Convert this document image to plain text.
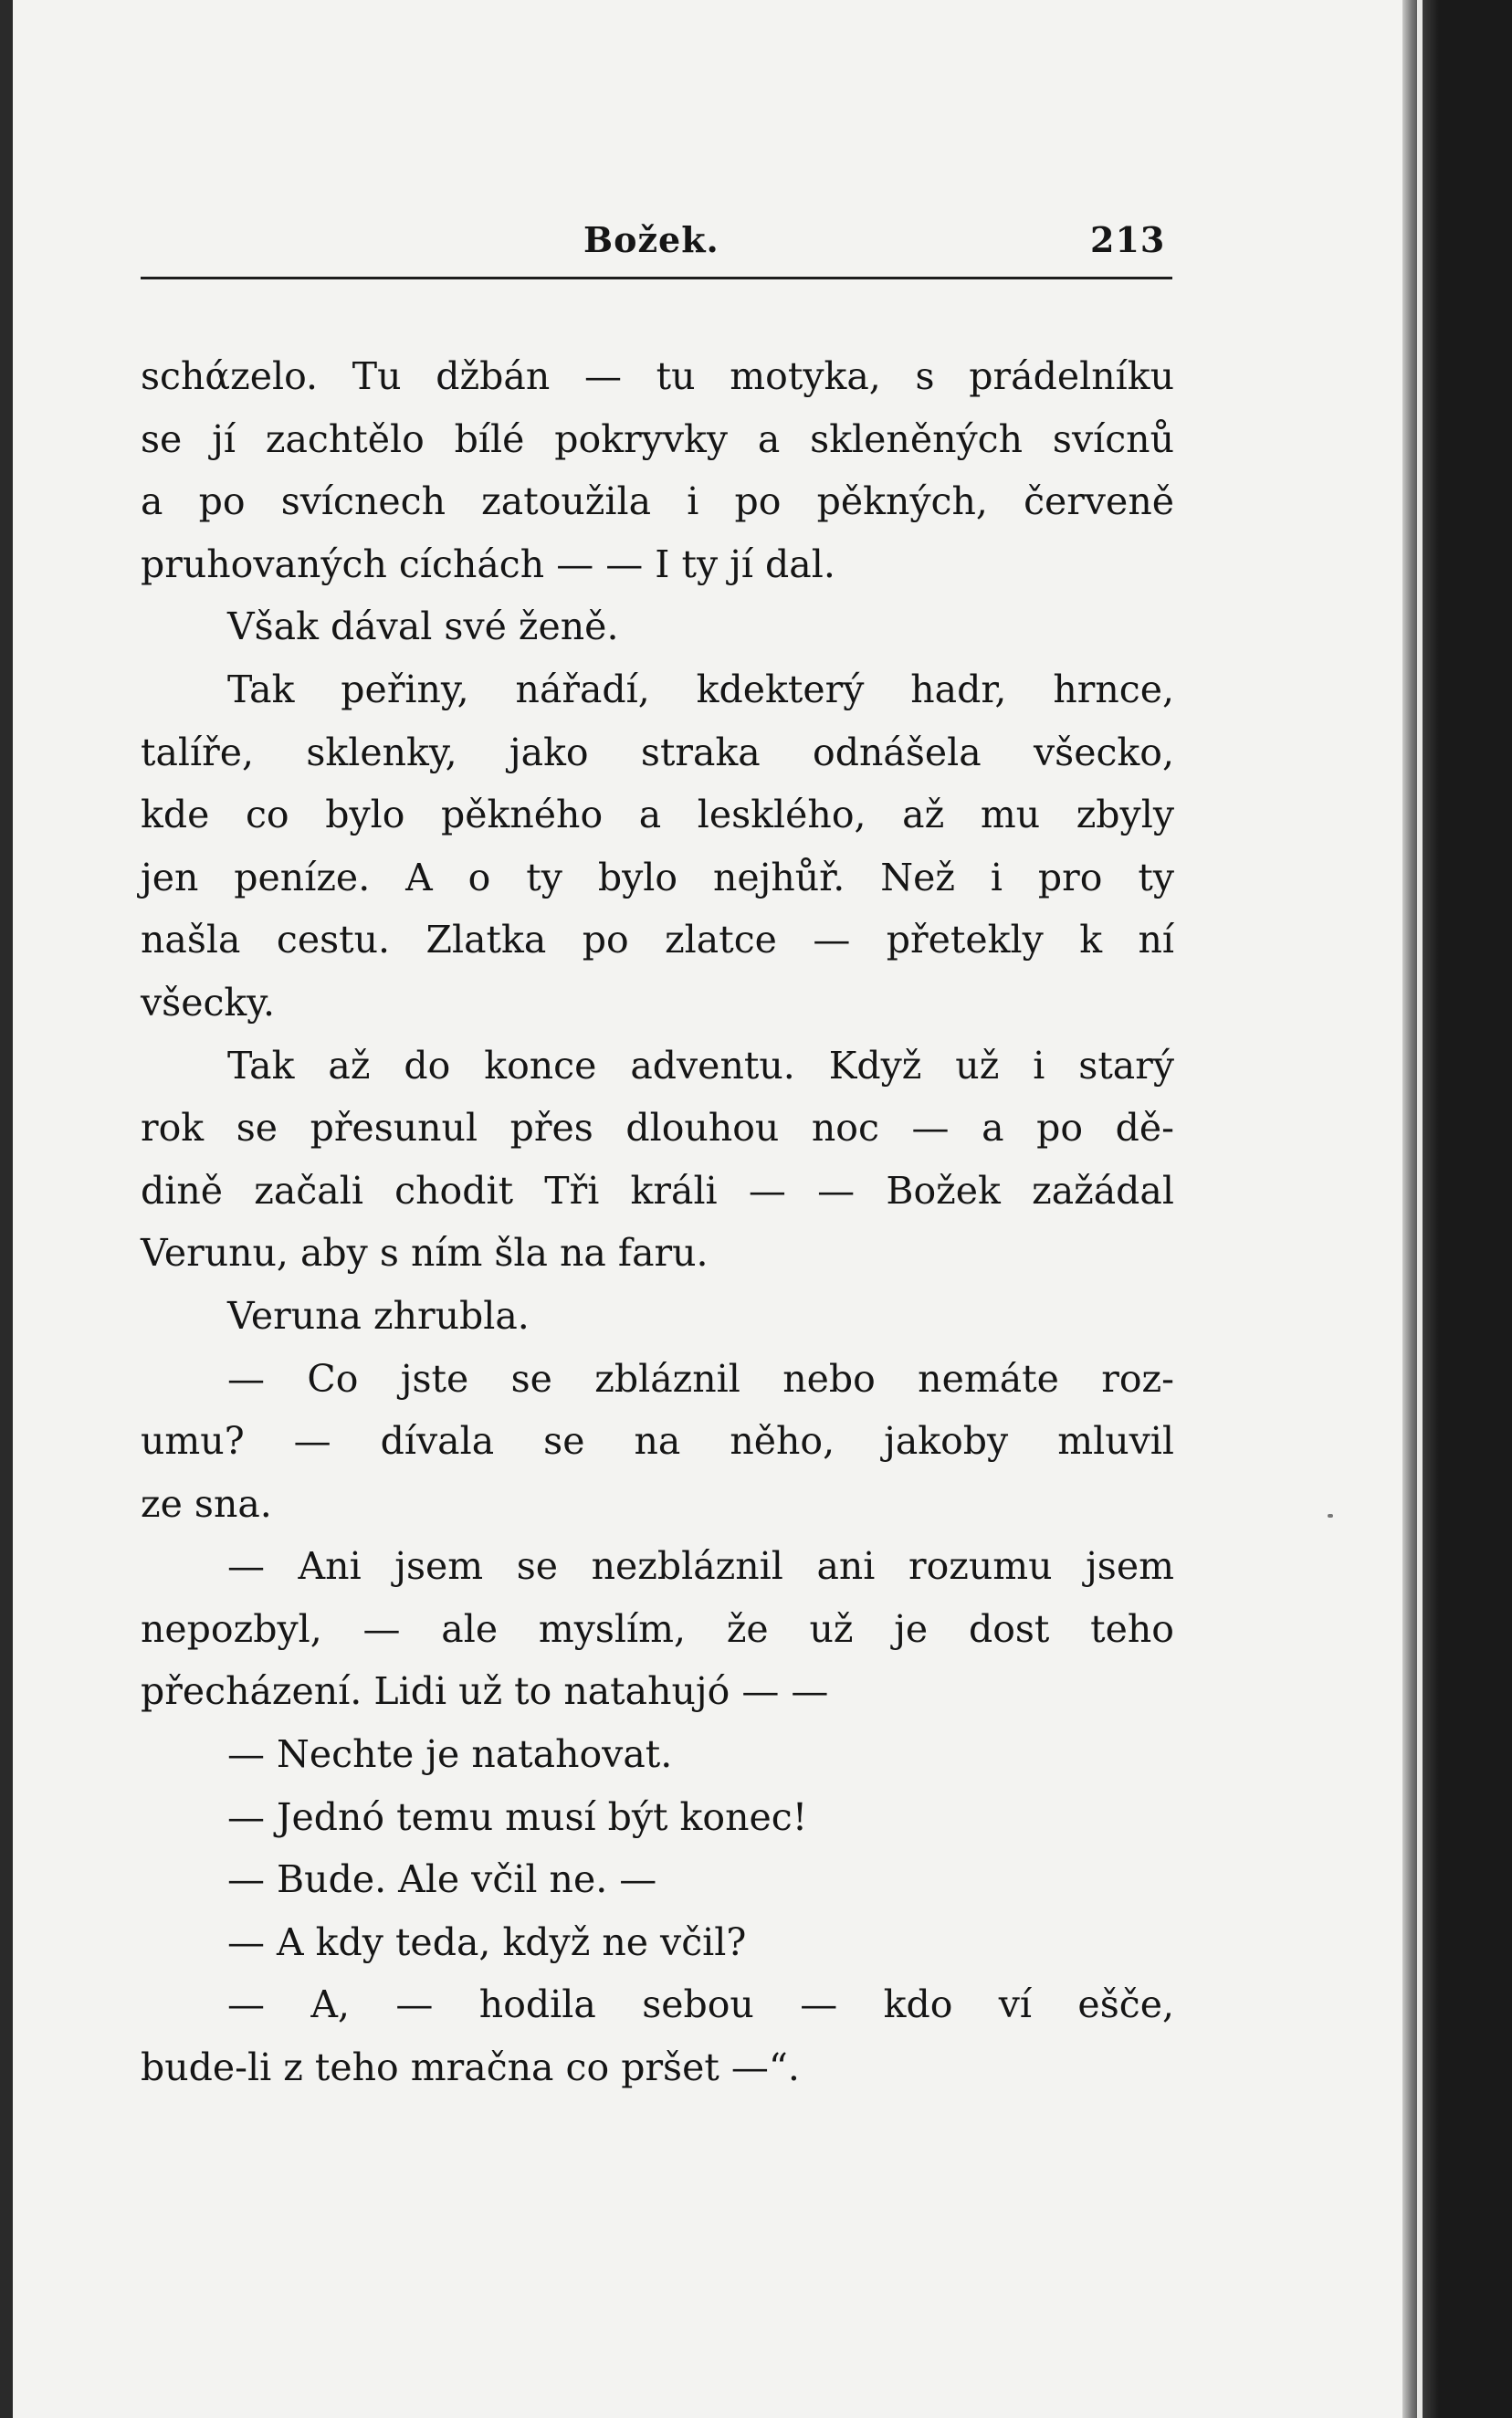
Božek.	213
schάzelo. Tu džbán — tu motyka, s prádelníku
se jí zachtělo bílé pokryvky a skleněných svícnů
a po svícnech zatoužila i po pěkných, červeně
pruhovaných cíchách — — I ty jí dal.
Však dával své ženě.
Tak peřiny, nářadí, kdekterý hadr, hrnce,
talíře, sklenky, jako straka odnášela všecko,
kde co bylo pěkného a lesklého, až mu zbyly
jen peníze. A o ty bylo nejhůř. Než i pro ty
našla cestu. Zlatka po zlatce — přetekly k ní
všecky.
Tak až do konce adventu. Když už i starý
rok se přesunul přes dlouhou noc — a po dě-
dině začali chodit Tři králi — — Božek zažádal
Verunu, aby s ním šla na faru.
Veruna zhrubla.
— Co jste se zbláznil nebo nemáte roz-
umu? — dívala se na něho, jakoby mluvil
ze sna.
— Ani jsem se nezbláznil ani rozumu jsem
nepozbyl, — ale myslím, že už je dost teho
přecházení. Lidi už to natahujó — —
— Nechte je natahovat.
— Jednó temu musí být konec!
— Bude. Ale včil ne. —
— A kdy teda, když ne včil?
— A, — hodila sebou — kdo ví ešče,
bude-li z teho mračna co pršet —“.
